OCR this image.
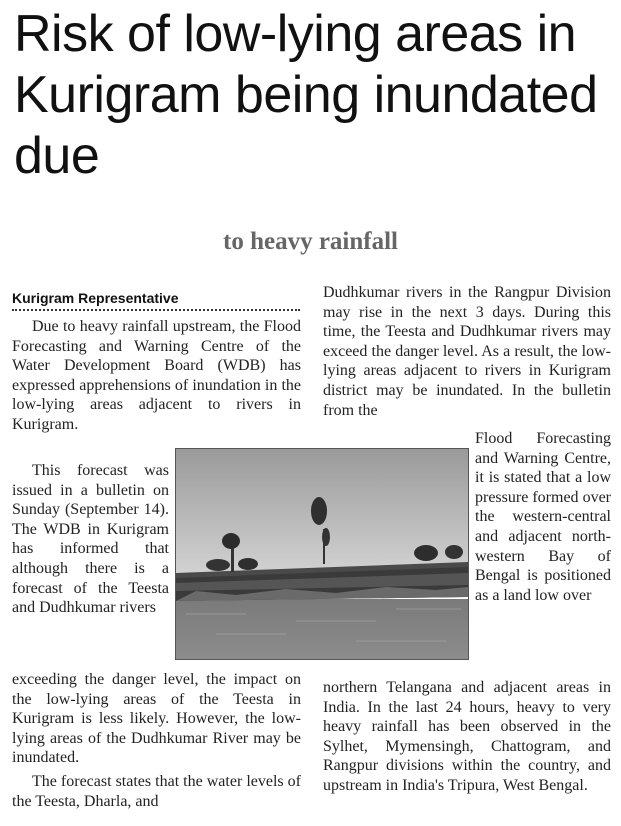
Risk of low-lying areas in Kurigram being inundated due
to heavy rainfall
Kurigram Representative

Due to heavy rainfall upstream, the Flood Forecasting and Warning Centre of the Water Development Board (WDB) has expressed apprehensions of inundation in the low-lying areas adjacent to rivers in Kurigram.

This forecast was issued in a bulletin on Sunday (September 14). The WDB in Kurigram has informed that although there is a forecast of the Teesta and Dudhkumar rivers

exceeding the danger level, the impact on the low-lying areas of the Teesta in Kurigram is less likely. However, the low-lying areas of the Dudhkumar River may be inundated.

The forecast states that the water levels of the Teesta, Dharla, and

Dudhkumar rivers in the Rangpur Division may rise in the next 3 days. During this time, the Teesta and Dudhkumar rivers may exceed the danger level. As a result, the low-lying areas adjacent to rivers in Kurigram district may be inundated. In the bulletin from the

Flood Forecasting and Warning Centre, it is stated that a low pressure formed over the western-central and adjacent north-western Bay of Bengal is positioned as a land low over

northern Telangana and adjacent areas in India. In the last 24 hours, heavy to very heavy rainfall has been observed in the Sylhet, Mymensingh, Chattogram, and Rangpur divisions within the country, and upstream in India's Tripura, West Bengal.
